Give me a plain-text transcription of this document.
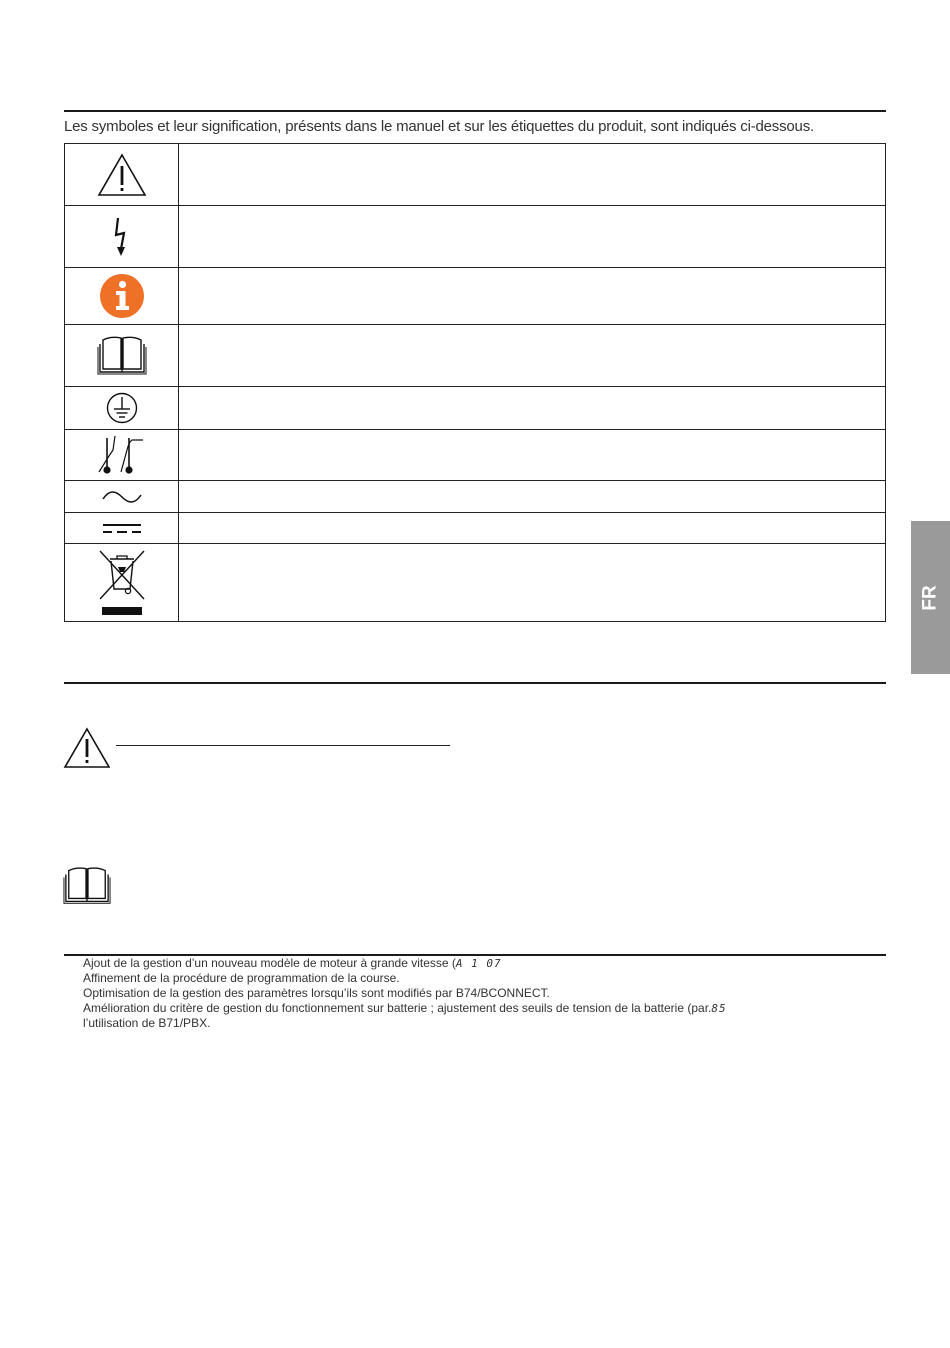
Les symboles et leur signification, présents dans le manuel et sur les étiquettes du produit, sont indiqués ci-dessous.

FR
Ajout de la gestion d’un nouveau modèle de moteur à grande vitesse (A 1 07
Affinement de la procédure de programmation de la course.
Optimisation de la gestion des paramètres lorsqu’ils sont modifiés par B74/BCONNECT.
Amélioration du critère de gestion du fonctionnement sur batterie ; ajustement des seuils de tension de la batterie (par.85
l’utilisation de B71/PBX.
